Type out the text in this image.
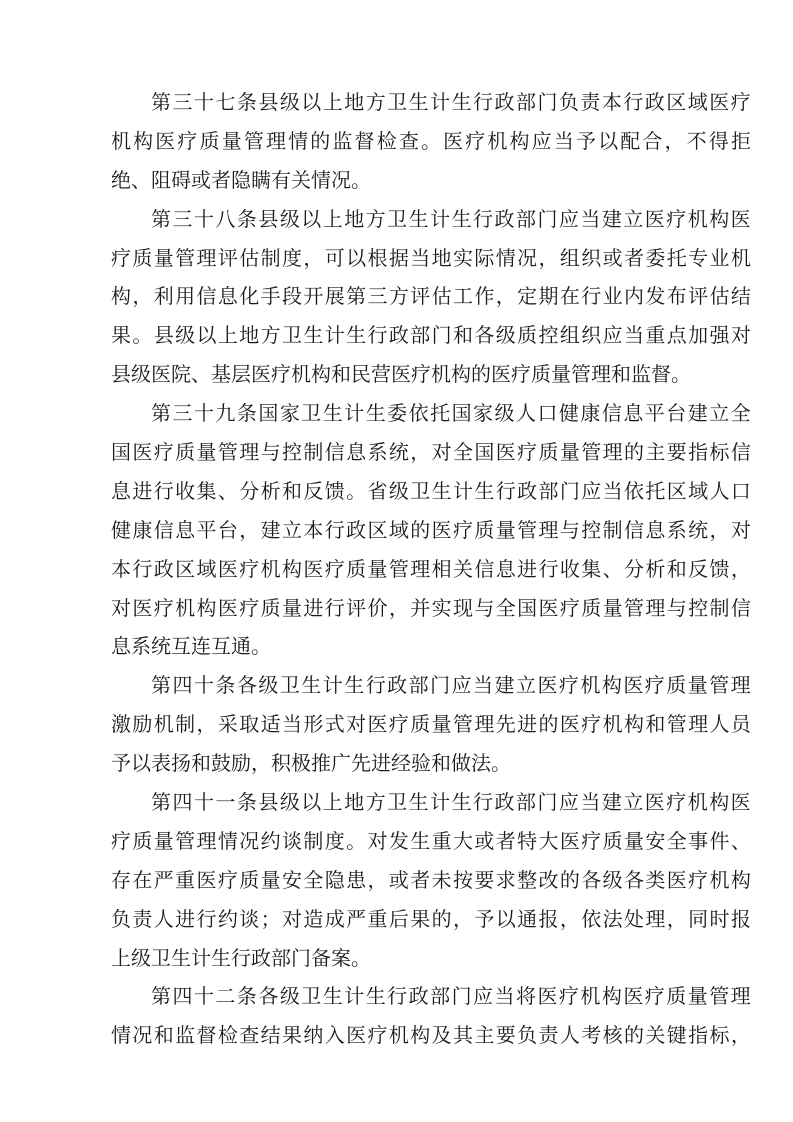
第 三 十 七 条 县 级 以 上 地 方 卫 生 计 生 行 政 部 门 负 责 本 行 政 区 域 医 疗
机 构 医 疗 质 量 管 理 情 的 监 督 检 查 。 医 疗 机 构 应 当 予 以 配 合 ， 不 得 拒
绝、阻碍或者隐瞒有关情况。
第 三 十 八 条 县 级 以 上 地 方 卫 生 计 生 行 政 部 门 应 当 建 立 医 疗 机 构 医
疗 质 量 管 理 评 估 制 度 ， 可 以 根 据 当 地 实 际 情 况 ， 组 织 或 者 委 托 专 业 机
构 ， 利 用 信 息 化 手 段 开 展 第 三 方 评 估 工 作 ， 定 期 在 行 业 内 发 布 评 估 结
果 。 县 级 以 上 地 方 卫 生 计 生 行 政 部 门 和 各 级 质 控 组 织 应 当 重 点 加 强 对
县级医院、基层医疗机构和民营医疗机构的医疗质量管理和监督。
第 三 十 九 条 国 家 卫 生 计 生 委 依 托 国 家 级 人 口 健 康 信 息 平 台 建 立 全
国 医 疗 质 量 管 理 与 控 制 信 息 系 统 ， 对 全 国 医 疗 质 量 管 理 的 主 要 指 标 信
息 进 行 收 集 、 分 析 和 反 馈 。 省 级 卫 生 计 生 行 政 部 门 应 当 依 托 区 域 人 口
健 康 信 息 平 台 ， 建 立 本 行 政 区 域 的 医 疗 质 量 管 理 与 控 制 信 息 系 统 ， 对
本 行 政 区 域 医 疗 机 构 医 疗 质 量 管 理 相 关 信 息 进 行 收 集 、 分 析 和 反 馈 ，
对 医 疗 机 构 医 疗 质 量 进 行 评 价 ， 并 实 现 与 全 国 医 疗 质 量 管 理 与 控 制 信
息系统互连互通。
第 四 十 条 各 级 卫 生 计 生 行 政 部 门 应 当 建 立 医 疗 机 构 医 疗 质 量 管 理
激 励 机 制 ， 采 取 适 当 形 式 对 医 疗 质 量 管 理 先 进 的 医 疗 机 构 和 管 理 人 员
予以表扬和鼓励，积极推广先进经验和做法。
第 四 十 一 条 县 级 以 上 地 方 卫 生 计 生 行 政 部 门 应 当 建 立 医 疗 机 构 医
疗 质 量 管 理 情 况 约 谈 制 度 。 对 发 生 重 大 或 者 特 大 医 疗 质 量 安 全 事 件 、
存 在 严 重 医 疗 质 量 安 全 隐 患 ， 或 者 未 按 要 求 整 改 的 各 级 各 类 医 疗 机 构
负 责 人 进 行 约 谈 ； 对 造 成 严 重 后 果 的 ， 予 以 通 报 ， 依 法 处 理 ， 同 时 报
上级卫生计生行政部门备案。
第 四 十 二 条 各 级 卫 生 计 生 行 政 部 门 应 当 将 医 疗 机 构 医 疗 质 量 管 理
情 况 和 监 督 检 查 结 果 纳 入 医 疗 机 构 及 其 主 要 负 责 人 考 核 的 关 键 指 标 ，
